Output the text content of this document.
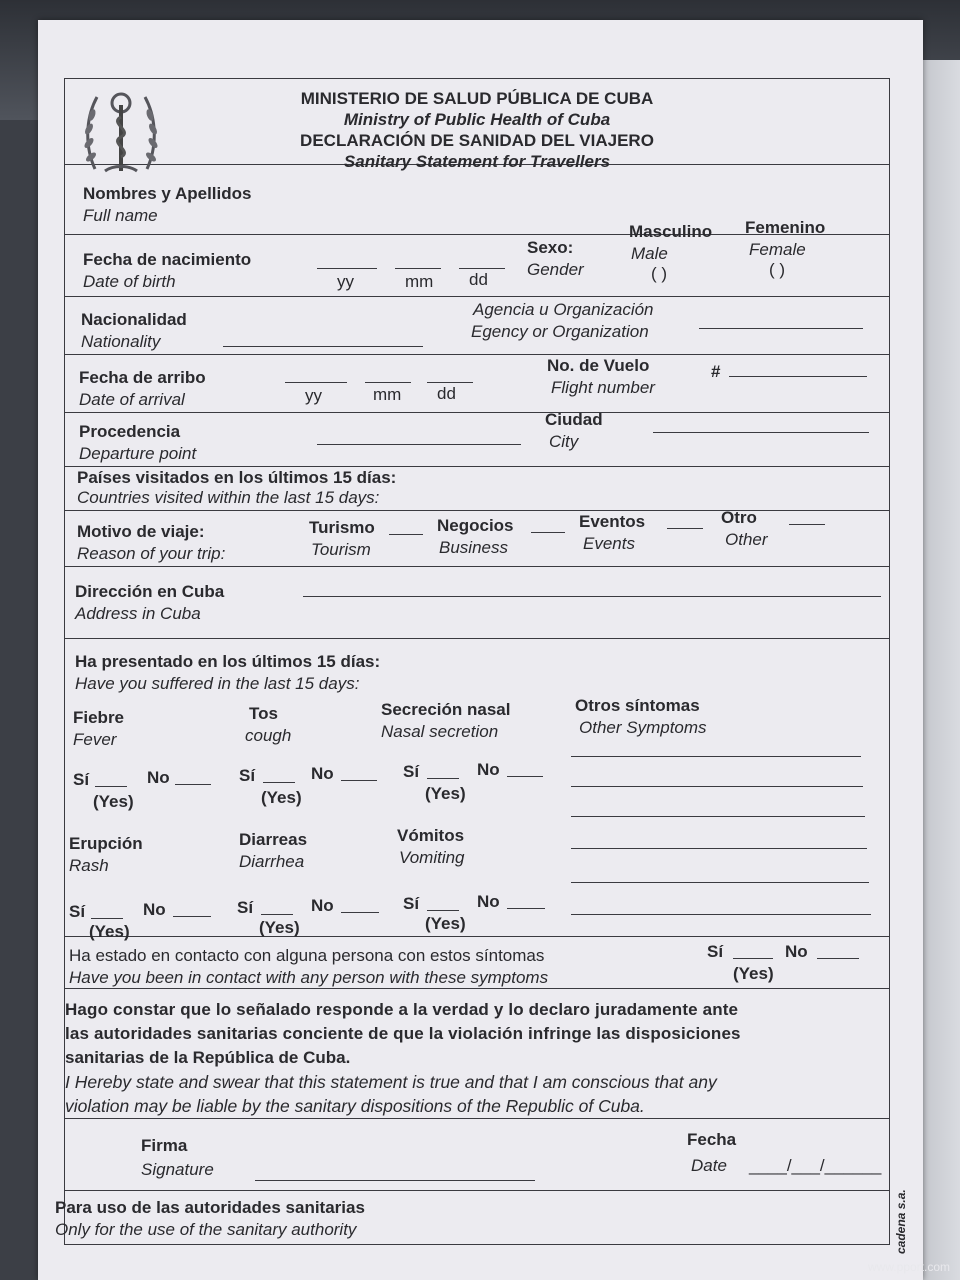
MINISTERIO DE SALUD PÚBLICA DE CUBA
Ministry of Public Health of Cuba
DECLARACIÓN DE SANIDAD DEL VIAJERO
Sanitary Statement for Travellers
Nombres y Apellidos
Full name
Fecha de nacimiento
Date of birth	yy	mm dd
Sexo:
Gender
Masculino
Male
( )
Femenino
Female
( )
Nacionalidad
Nationality
Agencia u Organización
Egency or Organization
Fecha de arribo
Date of arrival	yy	mm dd
No. de Vuelo
Flight number
#
Procedencia
Departure point
Ciudad
City
Países visitados en los últimos 15 días:
Countries visited within the last 15 days:
Motivo de viaje:
Reason of your trip:
Turismo
Tourism
Negocios
Business
Eventos
Events
Otro
Other
Dirección en Cuba
Address in Cuba
Ha presentado en los últimos 15 días:
Have you suffered in the last 15 days:
Fiebre
Fever
Tos
cough
Secreción nasal
Nasal secretion
Sí	No
(Yes)
Sí	No
(Yes)
Sí	No
(Yes)
Erupción
Rash
Diarreas
Diarrhea
Vómitos
Vomiting
Sí	No
(Yes)
Sí	No
(Yes)
Sí	No
(Yes)
Otros síntomas
Other Symptoms
Ha estado en contacto con alguna persona con estos síntomas
Have you been in contact with any person with these symptoms
Sí	No
(Yes)
Hago constar que lo señalado responde a la verdad y lo declaro juradamente ante
las autoridades sanitarias conciente de que la violación infringe las disposiciones
sanitarias de la República de Cuba.
I Hereby state and swear that this statement is true and that I am conscious that any
violation may be liable by the sanitary dispositions of the Republic of Cuba.
Firma
Signature
Fecha
Date ____/___/______
Para uso de las autoridades sanitarias
Only for the use of the sanitary authority	cadena s.a.
www.pport.com
